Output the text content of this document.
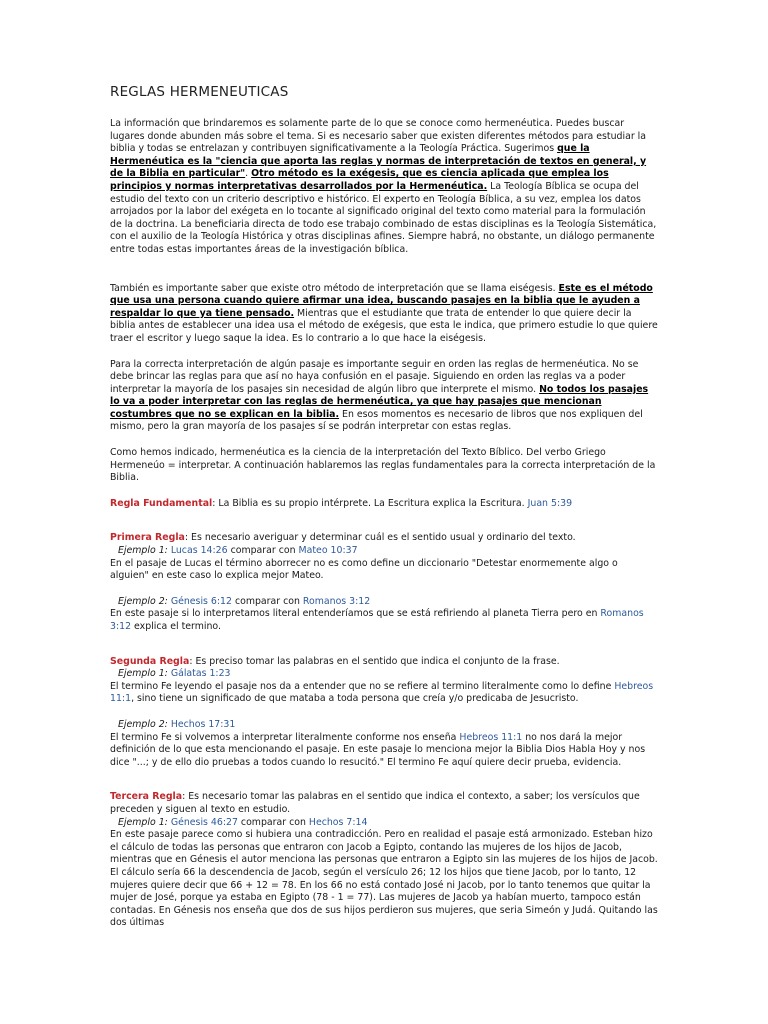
REGLAS HERMENEUTICAS

La información que brindaremos es solamente parte de lo que se conoce como hermenéutica. Puedes buscar lugares donde abunden más sobre el tema. Si es necesario saber que existen diferentes métodos para estudiar la biblia y todas se entrelazan y contribuyen significativamente a la Teología Práctica. Sugerimos que la Hermenéutica es la "ciencia que aporta las reglas y normas de interpretación de textos en general, y de la Biblia en particular". Otro método es la exégesis, que es ciencia aplicada que emplea los principios y normas interpretativas desarrollados por la Hermenéutica. La Teología Bíblica se ocupa del estudio del texto con un criterio descriptivo e histórico. El experto en Teología Bíblica, a su vez, emplea los datos arrojados por la labor del exégeta en lo tocante al significado original del texto como material para la formulación de la doctrina. La beneficiaria directa de todo ese trabajo combinado de estas disciplinas es la Teología Sistemática, con el auxilio de la Teología Histórica y otras disciplinas afines. Siempre habrá, no obstante, un diálogo permanente entre todas estas importantes áreas de la investigación bíblica.

También es importante saber que existe otro método de interpretación que se llama eiségesis. Este es el método que usa una persona cuando quiere afirmar una idea, buscando pasajes en la biblia que le ayuden a respaldar lo que ya tiene pensado. Mientras que el estudiante que trata de entender lo que quiere decir la biblia antes de establecer una idea usa el método de exégesis, que esta le indica, que primero estudie lo que quiere traer el escritor y luego saque la idea. Es lo contrario a lo que hace la eiségesis.

Para la correcta interpretación de algún pasaje es importante seguir en orden las reglas de hermenéutica. No se debe brincar las reglas para que así no haya confusión en el pasaje. Siguiendo en orden las reglas va a poder interpretar la mayoría de los pasajes sin necesidad de algún libro que interprete el mismo. No todos los pasajes lo va a poder interpretar con las reglas de hermenéutica, ya que hay pasajes que mencionan costumbres que no se explican en la biblia. En esos momentos es necesario de libros que nos expliquen del mismo, pero la gran mayoría de los pasajes sí se podrán interpretar con estas reglas.

Como hemos indicado, hermenéutica es la ciencia de la interpretación del Texto Bíblico. Del verbo Griego Hermeneúo = interpretar. A continuación hablaremos las reglas fundamentales para la correcta interpretación de la Biblia.

Regla Fundamental: La Biblia es su propio intérprete. La Escritura explica la Escritura. Juan 5:39

Primera Regla: Es necesario averiguar y determinar cuál es el sentido usual y ordinario del texto.

Ejemplo 1: Lucas 14:26 comparar con Mateo 10:37

En el pasaje de Lucas el término aborrecer no es como define un diccionario "Detestar enormemente algo o alguien" en este caso lo explica mejor Mateo.

Ejemplo 2: Génesis 6:12 comparar con Romanos 3:12

En este pasaje si lo interpretamos literal entenderíamos que se está refiriendo al planeta Tierra pero en Romanos 3:12 explica el termino.

Segunda Regla: Es preciso tomar las palabras en el sentido que indica el conjunto de la frase.

Ejemplo 1: Gálatas 1:23

El termino Fe leyendo el pasaje nos da a entender que no se refiere al termino literalmente como lo define Hebreos 11:1, sino tiene un significado de que mataba a toda persona que creía y/o predicaba de Jesucristo.

Ejemplo 2: Hechos 17:31

El termino Fe si volvemos a interpretar literalmente conforme nos enseña Hebreos 11:1 no nos dará la mejor definición de lo que esta mencionando el pasaje. En este pasaje lo menciona mejor la Biblia Dios Habla Hoy y nos dice "...; y de ello dio pruebas a todos cuando lo resucitó." El termino Fe aquí quiere decir prueba, evidencia.

Tercera Regla: Es necesario tomar las palabras en el sentido que indica el contexto, a saber; los versículos que preceden y siguen al texto en estudio.

Ejemplo 1: Génesis 46:27 comparar con Hechos 7:14

En este pasaje parece como si hubiera una contradicción. Pero en realidad el pasaje está armonizado. Esteban hizo el cálculo de todas las personas que entraron con Jacob a Egipto, contando las mujeres de los hijos de Jacob, mientras que en Génesis el autor menciona las personas que entraron a Egipto sin las mujeres de los hijos de Jacob. El cálculo sería 66 la descendencia de Jacob, según el versículo 26; 12 los hijos que tiene Jacob, por lo tanto, 12 mujeres quiere decir que 66 + 12 = 78. En los 66 no está contado José ni Jacob, por lo tanto tenemos que quitar la mujer de José, porque ya estaba en Egipto (78 - 1 = 77). Las mujeres de Jacob ya habían muerto, tampoco están contadas. En Génesis nos enseña que dos de sus hijos perdieron sus mujeres, que seria Simeón y Judá. Quitando las dos últimas
